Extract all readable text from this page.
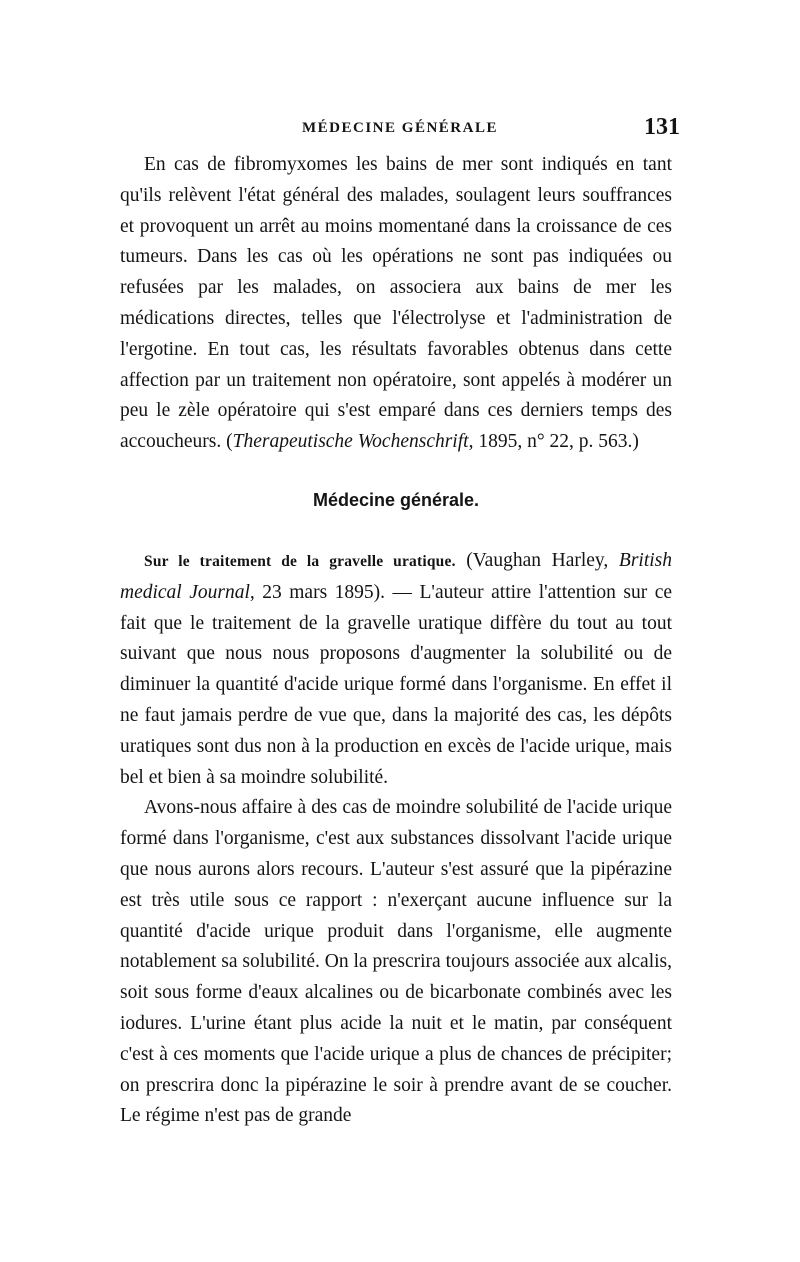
MÉDECINE GÉNÉRALE	131

En cas de fibromyxomes les bains de mer sont indiqués en tant qu'ils relèvent l'état général des malades, soulagent leurs souffrances et provoquent un arrêt au moins momentané dans la croissance de ces tumeurs. Dans les cas où les opérations ne sont pas indiquées ou refusées par les malades, on associera aux bains de mer les médications directes, telles que l'électrolyse et l'administration de l'ergotine. En tout cas, les résultats favorables obtenus dans cette affection par un traitement non opératoire, sont appelés à modérer un peu le zèle opératoire qui s'est emparé dans ces derniers temps des accoucheurs. (Therapeutische Wochenschrift, 1895, n° 22, p. 563.)

Médecine générale.

Sur le traitement de la gravelle uratique. (Vaughan Harley, British medical Journal, 23 mars 1895). — L'auteur attire l'attention sur ce fait que le traitement de la gravelle uratique diffère du tout au tout suivant que nous nous proposons d'augmenter la solubilité ou de diminuer la quantité d'acide urique formé dans l'organisme. En effet il ne faut jamais perdre de vue que, dans la majorité des cas, les dépôts uratiques sont dus non à la production en excès de l'acide urique, mais bel et bien à sa moindre solubilité.

Avons-nous affaire à des cas de moindre solubilité de l'acide urique formé dans l'organisme, c'est aux substances dissolvant l'acide urique que nous aurons alors recours. L'auteur s'est assuré que la pipérazine est très utile sous ce rapport : n'exerçant aucune influence sur la quantité d'acide urique produit dans l'organisme, elle augmente notablement sa solubilité. On la prescrira toujours associée aux alcalis, soit sous forme d'eaux alcalines ou de bicarbonate combinés avec les iodures. L'urine étant plus acide la nuit et le matin, par conséquent c'est à ces moments que l'acide urique a plus de chances de précipiter; on prescrira donc la pipérazine le soir à prendre avant de se coucher. Le régime n'est pas de grande
